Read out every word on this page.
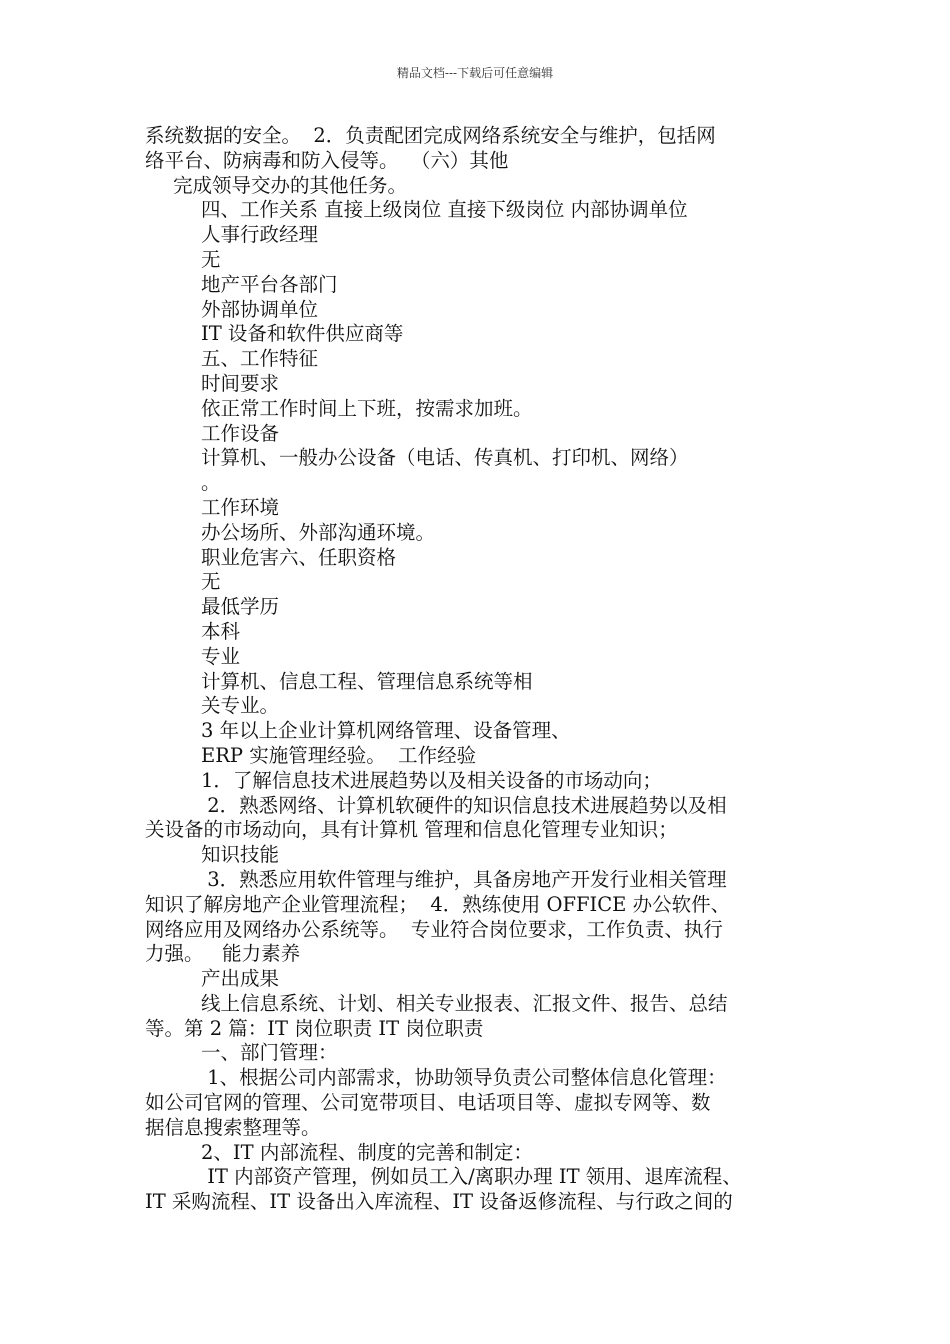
精品文档---下载后可任意编辑
系统数据的安全。  2．负责配团完成网络系统安全与维护，包括网
络平台、防病毒和防入侵等。  （六）其他
完成领导交办的其他任务。
四、工作关系 直接上级岗位 直接下级岗位 内部协调单位
人事行政经理
无
地产平台各部门
外部协调单位
IT 设备和软件供应商等
五、工作特征
时间要求
依正常工作时间上下班，按需求加班。
工作设备
计算机、一般办公设备（电话、传真机、打印机、网络）
。
工作环境
办公场所、外部沟通环境。
职业危害六、任职资格
无
最低学历
本科
专业
计算机、信息工程、管理信息系统等相
关专业。
3 年以上企业计算机网络管理、设备管理、
ERP 实施管理经验。  工作经验
1．了解信息技术进展趋势以及相关设备的市场动向；
2．熟悉网络、计算机软硬件的知识信息技术进展趋势以及相
关设备的市场动向，具有计算机 管理和信息化管理专业知识；
知识技能
3．熟悉应用软件管理与维护，具备房地产开发行业相关管理
知识了解房地产企业管理流程；  4．熟练使用 OFFICE 办公软件、
网络应用及网络办公系统等。  专业符合岗位要求，工作负责、执行
力强。   能力素养
产出成果
线上信息系统、计划、相关专业报表、汇报文件、报告、总结
等。第 2 篇：IT 岗位职责 IT 岗位职责
一、部门管理：
1、根据公司内部需求，协助领导负责公司整体信息化管理：
如公司官网的管理、公司宽带项目、电话项目等、虚拟专网等、数
据信息搜索整理等。
2、IT 内部流程、制度的完善和制定：
IT 内部资产管理，例如员工入/离职办理 IT 领用、退库流程、
IT 采购流程、IT 设备出入库流程、IT 设备返修流程、与行政之间的
